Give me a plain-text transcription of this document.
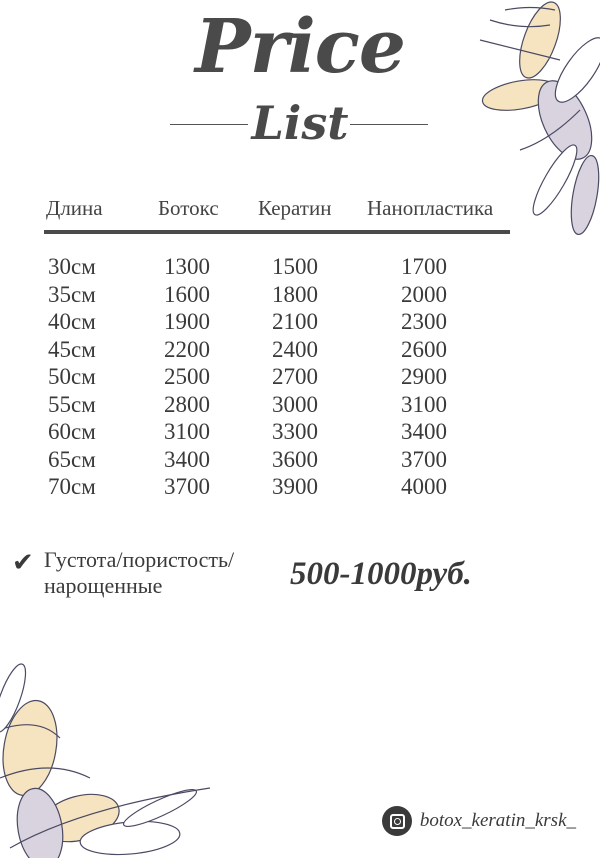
Price
List
Длина	Ботокс Кератин Нанопластика
30см	1300	1500	1700
35см	1600	1800	2000
40см	1900	2100	2300
45см	2200	2400	2600
50см	2500	2700	2900
55см	2800	3000	3100
60см	3100	3300	3400
65см	3400	3600	3700
70см	3700	3900	4000
✔ Густота/пористость/
нарощенные	500-1000руб.
botox_keratin_krsk_
